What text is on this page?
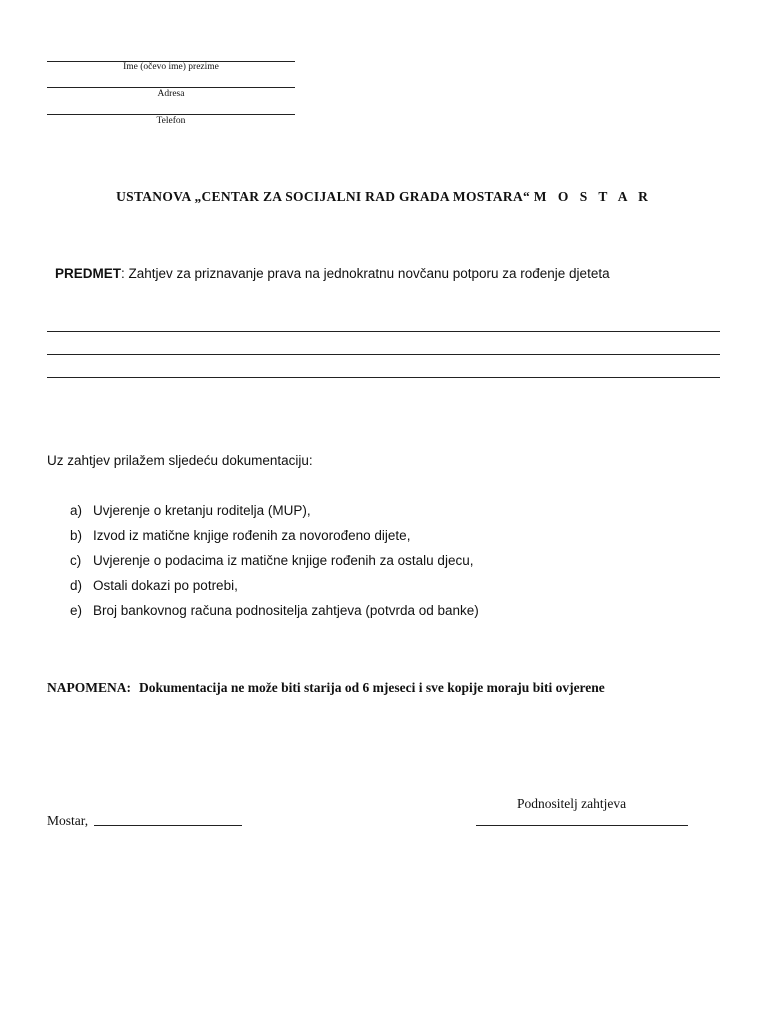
Ime (očevo ime) prezime
Adresa
Telefon
USTANOVA „CENTAR ZA SOCIJALNI RAD GRADA MOSTARA“ M O S T A R
PREDMET: Zahtjev za priznavanje prava na jednokratnu novčanu potporu za rođenje djeteta
Uz zahtjev prilažem sljedeću dokumentaciju:
a) Uvjerenje o kretanju roditelja (MUP),
b) Izvod iz matične knjige rođenih za novorođeno dijete,
c) Uvjerenje o podacima iz matične knjige rođenih za ostalu djecu,
d) Ostali dokazi po potrebi,
e) Broj bankovnog računa podnositelja zahtjeva (potvrda od banke)
NAPOMENA: Dokumentacija ne može biti starija od 6 mjeseci i sve kopije moraju biti ovjerene
Podnositelj zahtjeva
Mostar,
